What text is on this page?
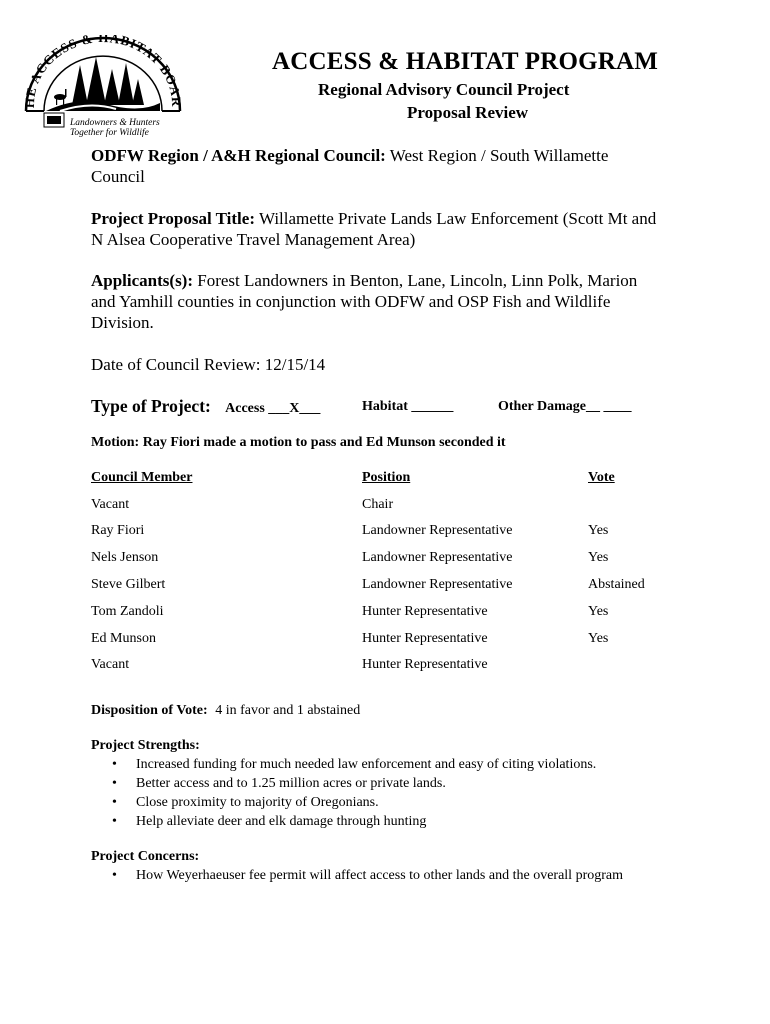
HE ACCESS & HABITAT BOAR
Landowners & Hunters
Together for Wildlife
ACCESS & HABITAT PROGRAM
Regional Advisory Council Project
Proposal Review
ODFW Region / A&H Regional Council: West Region / South Willamette Council
Project Proposal Title: Willamette Private Lands Law Enforcement (Scott Mt and N Alsea Cooperative Travel Management Area)
Applicants(s): Forest Landowners in Benton, Lane, Lincoln, Linn Polk, Marion and Yamhill counties in conjunction with ODFW and OSP Fish and Wildlife Division.
Date of Council Review: 12/15/14
Type of Project: Access ___X___	Habitat ______	Other Damage__ ____
Motion: Ray Fiori made a motion to pass and Ed Munson seconded it
Council Member	Position	Vote
Vacant	Chair
Ray Fiori	Landowner Representative	Yes
Nels Jenson	Landowner Representative	Yes
Steve Gilbert	Landowner Representative	Abstained
Tom Zandoli	Hunter Representative	Yes
Ed Munson	Hunter Representative	Yes
Vacant	Hunter Representative
Disposition of Vote: 4 in favor and 1 abstained
Project Strengths:
• Increased funding for much needed law enforcement and easy of citing violations.
• Better access and to 1.25 million acres or private lands.
• Close proximity to majority of Oregonians.
• Help alleviate deer and elk damage through hunting
Project Concerns:
• How Weyerhaeuser fee permit will affect access to other lands and the overall program
